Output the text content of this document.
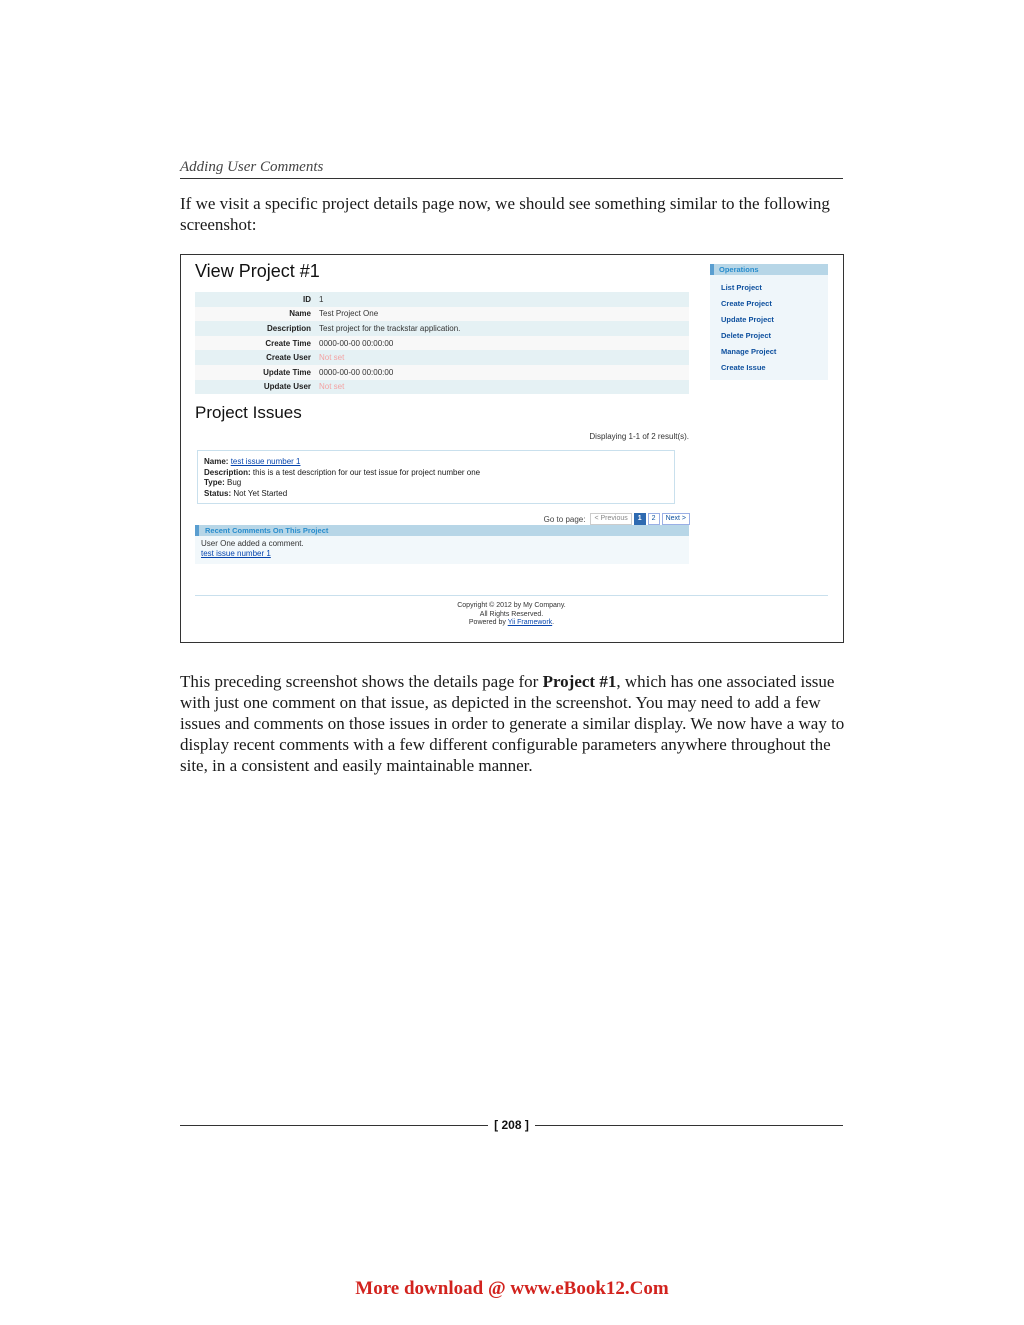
Adding User Comments

If we visit a specific project details page now, we should see something similar to the following screenshot:

View Project #1
ID	1
Name	Test Project One
Description	Test project for the trackstar application.
Create Time	0000-00-00 00:00:00
Create User	Not set
Update Time	0000-00-00 00:00:00
Update User	Not set
Project Issues
Displaying 1-1 of 2 result(s).
Name: test issue number 1
Description: this is a test description for our test issue for project number one
Type: Bug
Status: Not Yet Started
Go to page:	< Previous	1	2	Next >
Recent Comments On This Project
User One added a comment.
test issue number 1
Operations
List Project
Create Project
Update Project
Delete Project
Manage Project
Create Issue
Copyright © 2012 by My Company.
All Rights Reserved.
Powered by Yii Framework.

This preceding screenshot shows the details page for Project #1, which has one associated issue with just one comment on that issue, as depicted in the screenshot. You may need to add a few issues and comments on those issues in order to generate a similar display. We now have a way to display recent comments with a few different configurable parameters anywhere throughout the site, in a consistent and easily maintainable manner.

[ 208 ]
More download @ www.eBook12.Com
